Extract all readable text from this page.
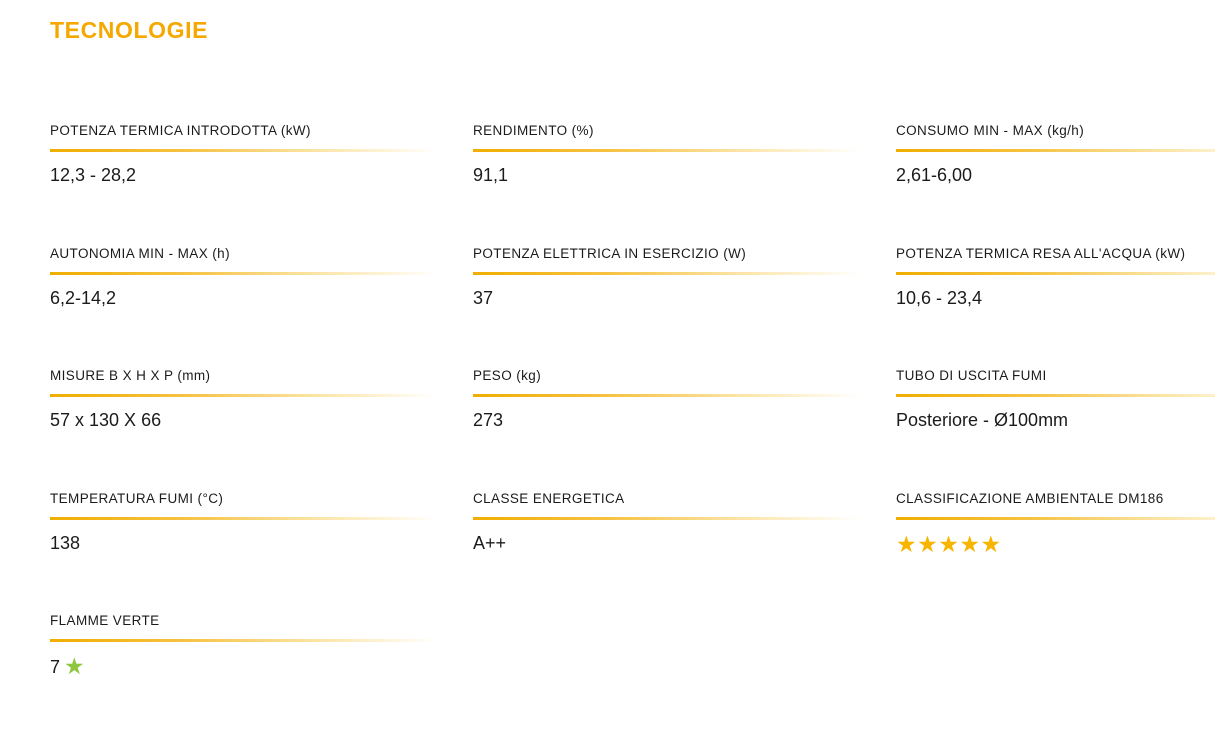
TECNOLOGIE
POTENZA TERMICA INTRODOTTA (kW)
12,3 - 28,2
RENDIMENTO (%)
91,1
CONSUMO MIN - MAX (kg/h)
2,61-6,00
AUTONOMIA MIN - MAX (h)
6,2-14,2
POTENZA ELETTRICA IN ESERCIZIO (W)
37
POTENZA TERMICA RESA ALL'ACQUA (kW)
10,6 - 23,4
MISURE B X H X P (mm)
57 x 130 X 66
PESO (kg)
273
TUBO DI USCITA FUMI
Posteriore - Ø100mm
TEMPERATURA FUMI (°C)
138
CLASSE ENERGETICA
A++
CLASSIFICAZIONE AMBIENTALE DM186
★★★★★
FLAMME VERTE
7 ★
